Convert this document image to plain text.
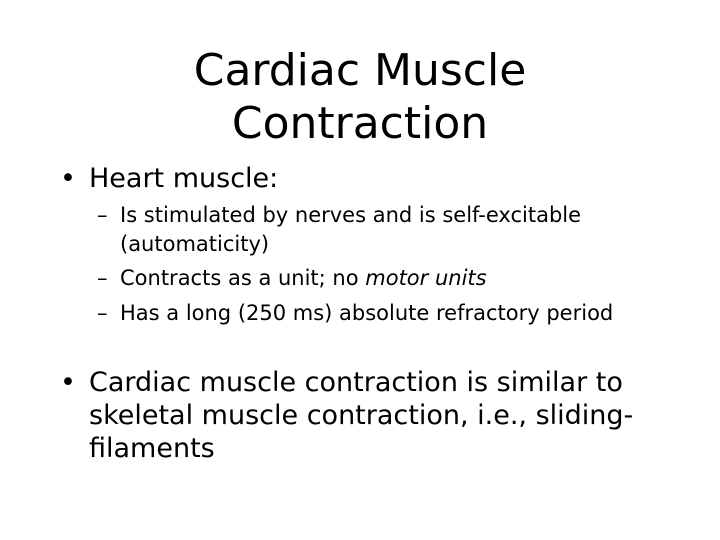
Cardiac Muscle
Contraction
• Heart muscle:
– Is stimulated by nerves and is self-excitable (automaticity)
– Contracts as a unit; no motor units
– Has a long (250 ms) absolute refractory period
• Cardiac muscle contraction is similar to skeletal muscle contraction, i.e., sliding-filaments
